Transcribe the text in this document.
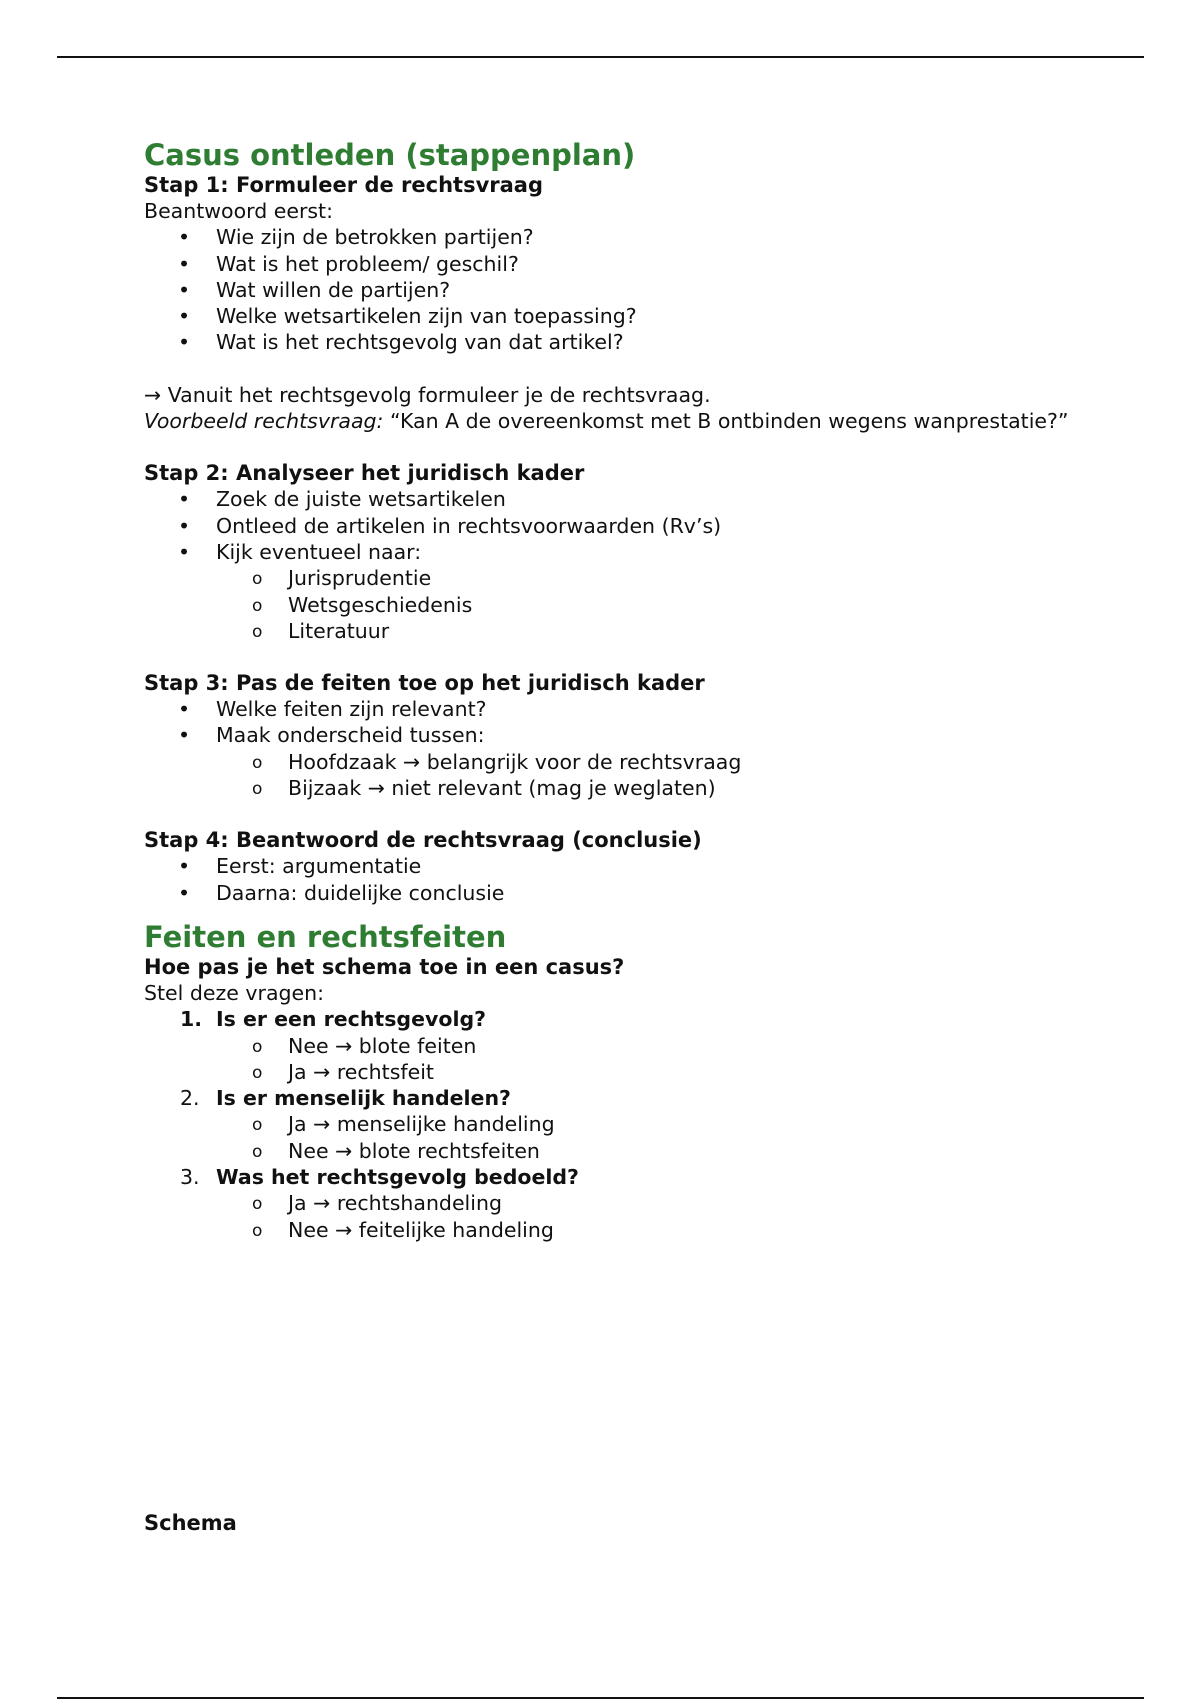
Casus ontleden (stappenplan)
Stap 1: Formuleer de rechtsvraag

Beantwoord eerst:

• Wie zijn de betrokken partijen?
• Wat is het probleem/ geschil?
• Wat willen de partijen?
• Welke wetsartikelen zijn van toepassing?
• Wat is het rechtsgevolg van dat artikel?

→ Vanuit het rechtsgevolg formuleer je de rechtsvraag.

Voorbeeld rechtsvraag: “Kan A de overeenkomst met B ontbinden wegens wanprestatie?”

Stap 2: Analyseer het juridisch kader
• Zoek de juiste wetsartikelen
• Ontleed de artikelen in rechtsvoorwaarden (Rv’s)
• Kijk eventueel naar:
o Jurisprudentie
o Wetsgeschiedenis
o Literatuur
Stap 3: Pas de feiten toe op het juridisch kader
• Welke feiten zijn relevant?
• Maak onderscheid tussen:
o Hoofdzaak → belangrijk voor de rechtsvraag
o Bijzaak → niet relevant (mag je weglaten)
Stap 4: Beantwoord de rechtsvraag (conclusie)
• Eerst: argumentatie
• Daarna: duidelijke conclusie
Feiten en rechtsfeiten
Hoe pas je het schema toe in een casus?

Stel deze vragen:

1. Is er een rechtsgevolg?
o Nee → blote feiten
o Ja → rechtsfeit
2. Is er menselijk handelen?
o Ja → menselijke handeling
o Nee → blote rechtsfeiten
3. Was het rechtsgevolg bedoeld?
o Ja → rechtshandeling
o Nee → feitelijke handeling
Schema
